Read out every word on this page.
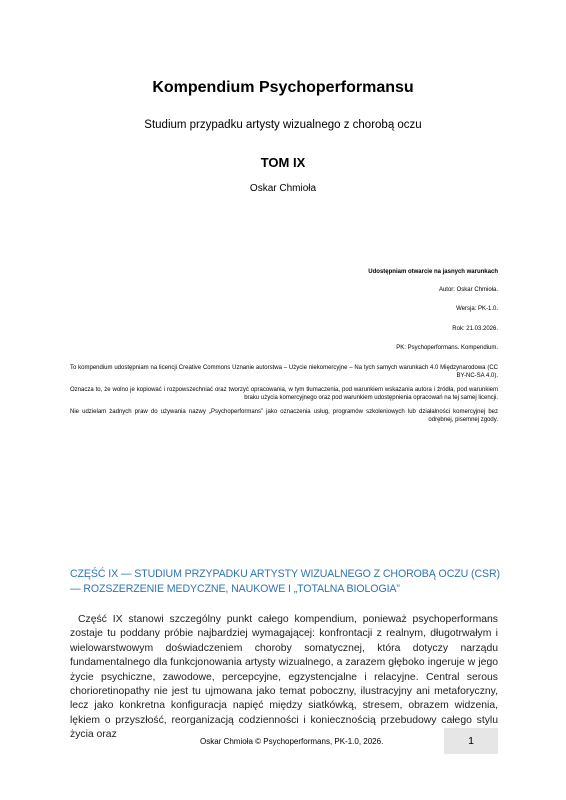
Kompendium Psychoperformansu
Studium przypadku artysty wizualnego z chorobą oczu
TOM IX
Oskar Chmioła

Udostępniam otwarcie na jasnych warunkach

Autor: Oskar Chmioła.

Wersja: PK-1.0.

Rok: 21.03.2026.

PK: Psychoperformans. Kompendium.

To kompendium udostępniam na licencji Creative Commons Uznanie autorstwa – Użycie niekomercyjne – Na tych samych warunkach 4.0 Międzynarodowa (CC BY-NC-SA 4.0).

Oznacza to, że wolno je kopiować i rozpowszechniać oraz tworzyć opracowania, w tym tłumaczenia, pod warunkiem wskazania autora i źródła, pod warunkiem braku użycia komercyjnego oraz pod warunkiem udostępnienia opracowań na tej samej licencji.

Nie udzielam żadnych praw do używania nazwy „Psychoperformans” jako oznaczenia usług, programów szkoleniowych lub działalności komercyjnej bez odrębnej, pisemnej zgody.

CZĘŚĆ IX — STUDIUM PRZYPADKU ARTYSTY WIZUALNEGO Z CHOROBĄ OCZU (CSR) — ROZSZERZENIE MEDYCZNE, NAUKOWE I „TOTALNA BIOLOGIA”
Część IX stanowi szczególny punkt całego kompendium, ponieważ psychoperformans zostaje tu poddany próbie najbardziej wymagającej: konfrontacji z realnym, długotrwałym i wielowarstwowym doświadczeniem choroby somatycznej, która dotyczy narządu fundamentalnego dla funkcjonowania artysty wizualnego, a zarazem głęboko ingeruje w jego życie psychiczne, zawodowe, percepcyjne, egzystencjalne i relacyjne. Central serous chorioretinopathy nie jest tu ujmowana jako temat poboczny, ilustracyjny ani metaforyczny, lecz jako konkretna konfiguracja napięć między siatkówką, stresem, obrazem widzenia, lękiem o przyszłość, reorganizacją codzienności i koniecznością przebudowy całego stylu życia oraz
Oskar Chmioła © Psychoperformans, PK-1.0, 2026.	1
